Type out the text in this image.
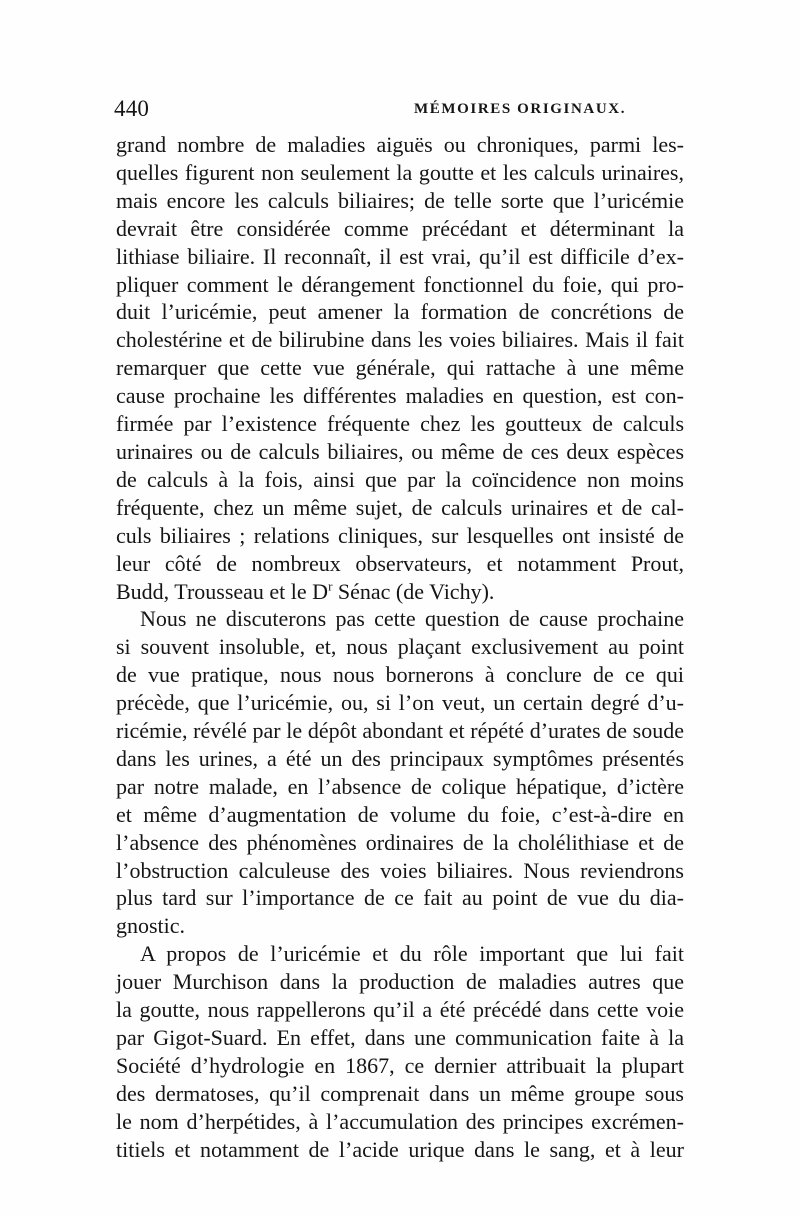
440	MÉMOIRES ORIGINAUX.
grand nombre de maladies aiguës ou chroniques, parmi les-
quelles figurent non seulement la goutte et les calculs urinaires,
mais encore les calculs biliaires; de telle sorte que l’uricémie
devrait être considérée comme précédant et déterminant la
lithiase biliaire. Il reconnaît, il est vrai, qu’il est difficile d’ex-
pliquer comment le dérangement fonctionnel du foie, qui pro-
duit l’uricémie, peut amener la formation de concrétions de
cholestérine et de bilirubine dans les voies biliaires. Mais il fait
remarquer que cette vue générale, qui rattache à une même
cause prochaine les différentes maladies en question, est con-
firmée par l’existence fréquente chez les goutteux de calculs
urinaires ou de calculs biliaires, ou même de ces deux espèces
de calculs à la fois, ainsi que par la coïncidence non moins
fréquente, chez un même sujet, de calculs urinaires et de cal-
culs biliaires ; relations cliniques, sur lesquelles ont insisté de
leur côté de nombreux observateurs, et notamment Prout,
Budd, Trousseau et le $D^r$ Sénac (de Vichy).
Nous ne discuterons pas cette question de cause prochaine
si souvent insoluble, et, nous plaçant exclusivement au point
de vue pratique, nous nous bornerons à conclure de ce qui
précède, que l’uricémie, ou, si l’on veut, un certain degré d’u-
ricémie, révélé par le dépôt abondant et répété d’urates de soude
dans les urines, a été un des principaux symptômes présentés
par notre malade, en l’absence de colique hépatique, d’ictère
et même d’augmentation de volume du foie, c’est-à-dire en
l’absence des phénomènes ordinaires de la cholélithiase et de
l’obstruction calculeuse des voies biliaires. Nous reviendrons
plus tard sur l’importance de ce fait au point de vue du dia-
gnostic.
A propos de l’uricémie et du rôle important que lui fait
jouer Murchison dans la production de maladies autres que
la goutte, nous rappellerons qu’il a été précédé dans cette voie
par Gigot-Suard. En effet, dans une communication faite à la
Société d’hydrologie en 1867, ce dernier attribuait la plupart
des dermatoses, qu’il comprenait dans un même groupe sous
le nom d’herpétides, à l’accumulation des principes excrémen-
titiels et notamment de l’acide urique dans le sang, et à leur
